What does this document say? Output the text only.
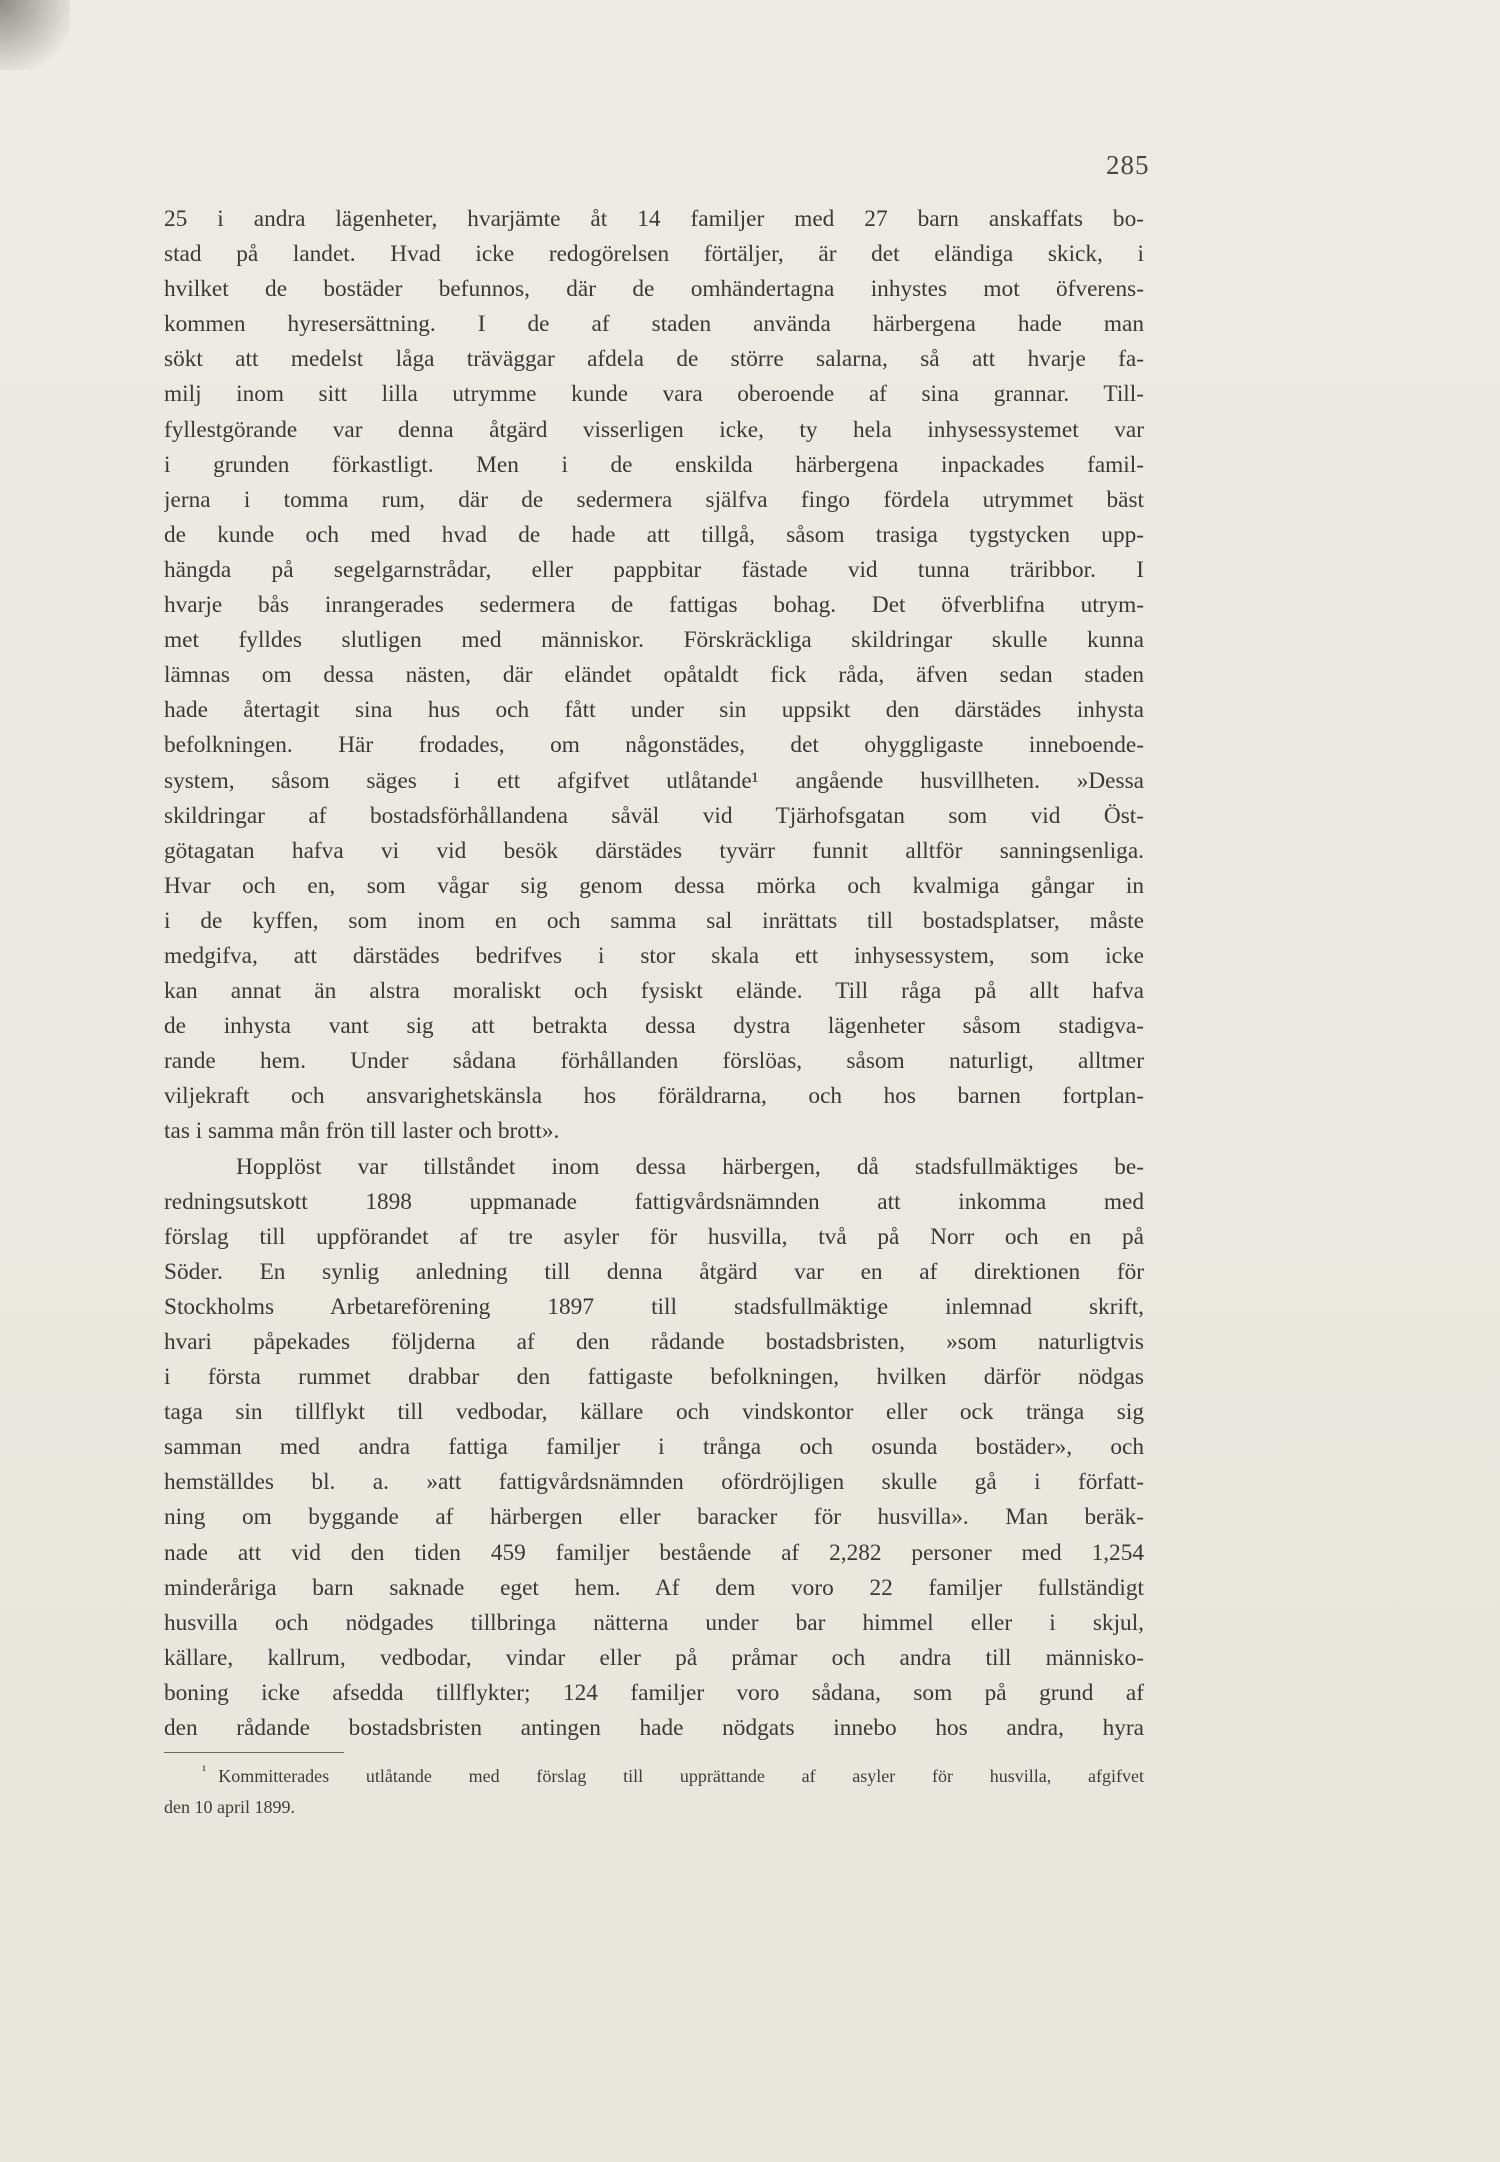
285
25 i andra lägenheter, hvarjämte åt 14 familjer med 27 barn anskaffats bo-
stad på landet. Hvad icke redogörelsen förtäljer, är det eländiga skick, i
hvilket de bostäder befunnos, där de omhändertagna inhystes mot öfverens-
kommen hyresersättning. I de af staden använda härbergena hade man
sökt att medelst låga träväggar afdela de större salarna, så att hvarje fa-
milj inom sitt lilla utrymme kunde vara oberoende af sina grannar. Till-
fyllestgörande var denna åtgärd visserligen icke, ty hela inhysessystemet var
i grunden förkastligt. Men i de enskilda härbergena inpackades famil-
jerna i tomma rum, där de sedermera själfva fingo fördela utrymmet bäst
de kunde och med hvad de hade att tillgå, såsom trasiga tygstycken upp-
hängda på segelgarnstrådar, eller pappbitar fästade vid tunna träribbor. I
hvarje bås inrangerades sedermera de fattigas bohag. Det öfverblifna utrym-
met fylldes slutligen med människor. Förskräckliga skildringar skulle kunna
lämnas om dessa nästen, där eländet opåtaldt fick råda, äfven sedan staden
hade återtagit sina hus och fått under sin uppsikt den därstädes inhysta
befolkningen. Här frodades, om någonstädes, det ohyggligaste inneboende-
system, såsom säges i ett afgifvet utlåtande¹ angående husvillheten. »Dessa
skildringar af bostadsförhållandena såväl vid Tjärhofsgatan som vid Öst-
götagatan hafva vi vid besök därstädes tyvärr funnit alltför sanningsenliga.
Hvar och en, som vågar sig genom dessa mörka och kvalmiga gångar in
i de kyffen, som inom en och samma sal inrättats till bostadsplatser, måste
medgifva, att därstädes bedrifves i stor skala ett inhysessystem, som icke
kan annat än alstra moraliskt och fysiskt elände. Till råga på allt hafva
de inhysta vant sig att betrakta dessa dystra lägenheter såsom stadigva-
rande hem. Under sådana förhållanden förslöas, såsom naturligt, alltmer
viljekraft och ansvarighetskänsla hos föräldrarna, och hos barnen fortplan-
tas i samma mån frön till laster och brott».
Hopplöst var tillståndet inom dessa härbergen, då stadsfullmäktiges be-
redningsutskott 1898 uppmanade fattigvårdsnämnden att inkomma med
förslag till uppförandet af tre asyler för husvilla, två på Norr och en på
Söder. En synlig anledning till denna åtgärd var en af direktionen för
Stockholms Arbetareförening 1897 till stadsfullmäktige inlemnad skrift,
hvari påpekades följderna af den rådande bostadsbristen, »som naturligtvis
i första rummet drabbar den fattigaste befolkningen, hvilken därför nödgas
taga sin tillflykt till vedbodar, källare och vindskontor eller ock tränga sig
samman med andra fattiga familjer i trånga och osunda bostäder», och
hemställdes bl. a. »att fattigvårdsnämnden ofördröjligen skulle gå i författ-
ning om byggande af härbergen eller baracker för husvilla». Man beräk-
nade att vid den tiden 459 familjer bestående af 2,282 personer med 1,254
minderåriga barn saknade eget hem. Af dem voro 22 familjer fullständigt
husvilla och nödgades tillbringa nätterna under bar himmel eller i skjul,
källare, kallrum, vedbodar, vindar eller på pråmar och andra till människo-
boning icke afsedda tillflykter; 124 familjer voro sådana, som på grund af
den rådande bostadsbristen antingen hade nödgats innebo hos andra, hyra
$^{^1}$ Kommitterades utlåtande med förslag till upprättande af asyler för husvilla, afgifvet
den 10 april 1899.
